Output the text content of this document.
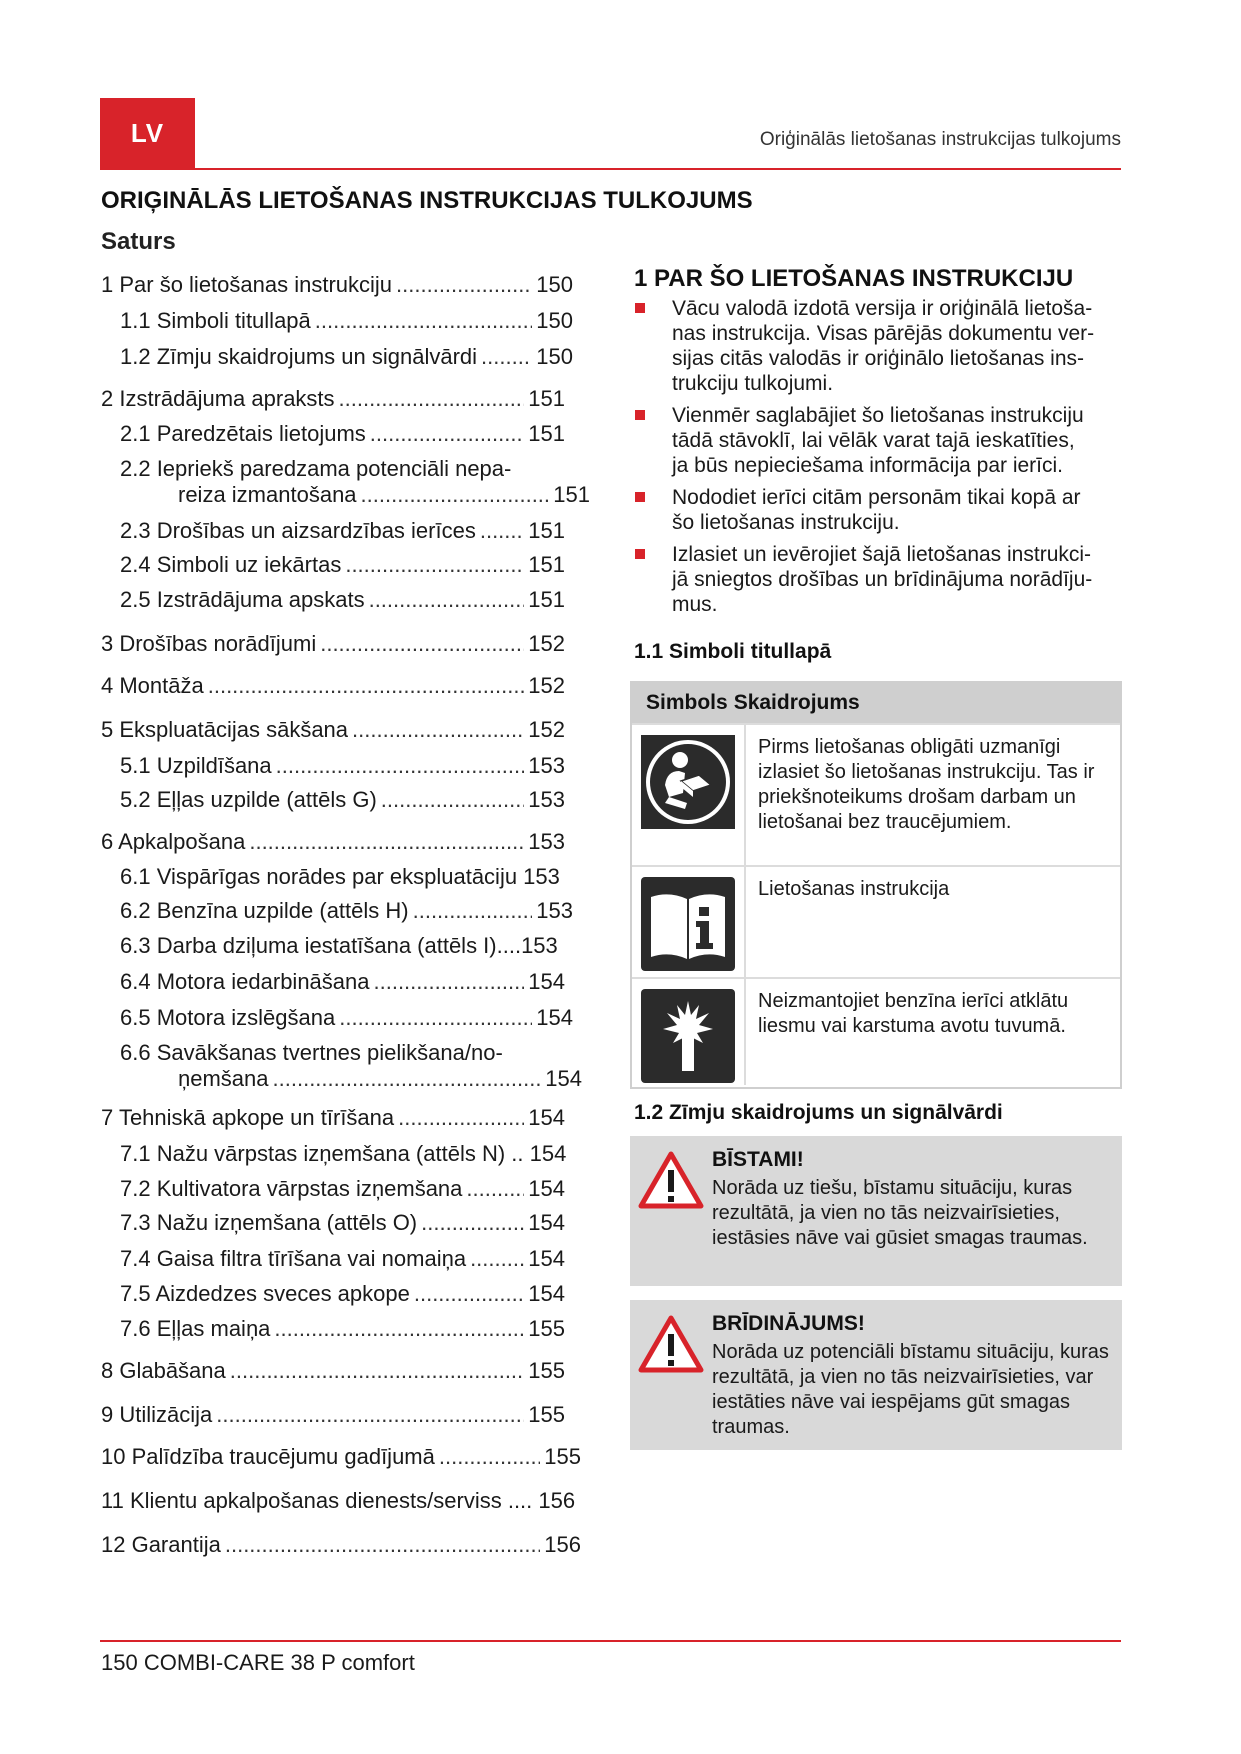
LV	Oriģinālās lietošanas instrukcijas tulkojums
ORIĢINĀLĀS LIETOŠANAS INSTRUKCIJAS TULKOJUMS
Saturs
1 Par šo lietošanas instrukciju .....	150
1.1 Simboli titullapā .....	150
1.2 Zīmju skaidrojums un signālvārdi .....	150
2 Izstrādājuma apraksts .....	151
2.1 Paredzētais lietojums .....	151
2.2 Iepriekš paredzama potenciāli nepa-
reiza izmantošana .....	151
2.3 Drošības un aizsardzības ierīces ..... 151
2.4 Simboli uz iekārtas .....	151
2.5 Izstrādājuma apskats .....	151
3 Drošības norādījumi .....	152
4 Montāža .....	152
5 Ekspluatācijas sākšana .....	152
5.1 Uzpildīšana .....	153
5.2 Eļļas uzpilde (attēls G) .....	153
6 Apkalpošana .....	153
6.1 Vispārīgas norādes par ekspluatāciju 153
6.2 Benzīna uzpilde (attēls H) .....	153
6.3 Darba dziļuma iestatīšana (attēls I)....153
6.4 Motora iedarbināšana .....	154
6.5 Motora izslēgšana .....	154
6.6 Savākšanas tvertnes pielikšana/no-
ņemšana .....	154
7 Tehniskā apkope un tīrīšana .....	154
7.1 Nažu vārpstas izņemšana (attēls N) .. 154
7.2 Kultivatora vārpstas izņemšana .....	154
7.3 Nažu izņemšana (attēls O) .....	154
7.4 Gaisa filtra tīrīšana vai nomaiņa .....	154
7.5 Aizdedzes sveces apkope .....	154
7.6 Eļļas maiņa .....	155
8 Glabāšana .....	155
9 Utilizācija .....	155
10 Palīdzība traucējumu gadījumā .....	155
11 Klientu apkalpošanas dienests/serviss .... 156
12 Garantija .....	156
1 PAR ŠO LIETOŠANAS INSTRUKCIJU
Vācu valodā izdotā versija ir oriģinālā lietoša-
nas instrukcija. Visas pārējās dokumentu ver-
sijas citās valodās ir oriģinālo lietošanas ins-
trukciju tulkojumi.
Vienmēr saglabājiet šo lietošanas instrukciju
tādā stāvoklī, lai vēlāk varat tajā ieskatīties,
ja būs nepieciešama informācija par ierīci.
Nododiet ierīci citām personām tikai kopā ar
šo lietošanas instrukciju.
Izlasiet un ievērojiet šajā lietošanas instrukci-
jā sniegtos drošības un brīdinājuma norādīju-
mus.
1.1 Simboli titullapā
Simbols Skaidrojums
Pirms lietošanas obligāti uzmanīgi izlasiet šo lietošanas instrukciju. Tas ir priekšnoteikums drošam darbam un lietošanai bez traucējumiem.
Lietošanas instrukcija
Neizmantojiet benzīna ierīci atklātu liesmu vai karstuma avotu tuvumā.
1.2 Zīmju skaidrojums un signālvārdi
BĪSTAMI!
Norāda uz tiešu, bīstamu situāciju, kuras rezultātā, ja vien no tās neizvairīsieties, iestāsies nāve vai gūsiet smagas traumas.
BRĪDINĀJUMS!
Norāda uz potenciāli bīstamu situāciju, kuras rezultātā, ja vien no tās neizvairīsieties, var iestāties nāve vai iespējams gūt smagas traumas.
150 COMBI-CARE 38 P comfort
